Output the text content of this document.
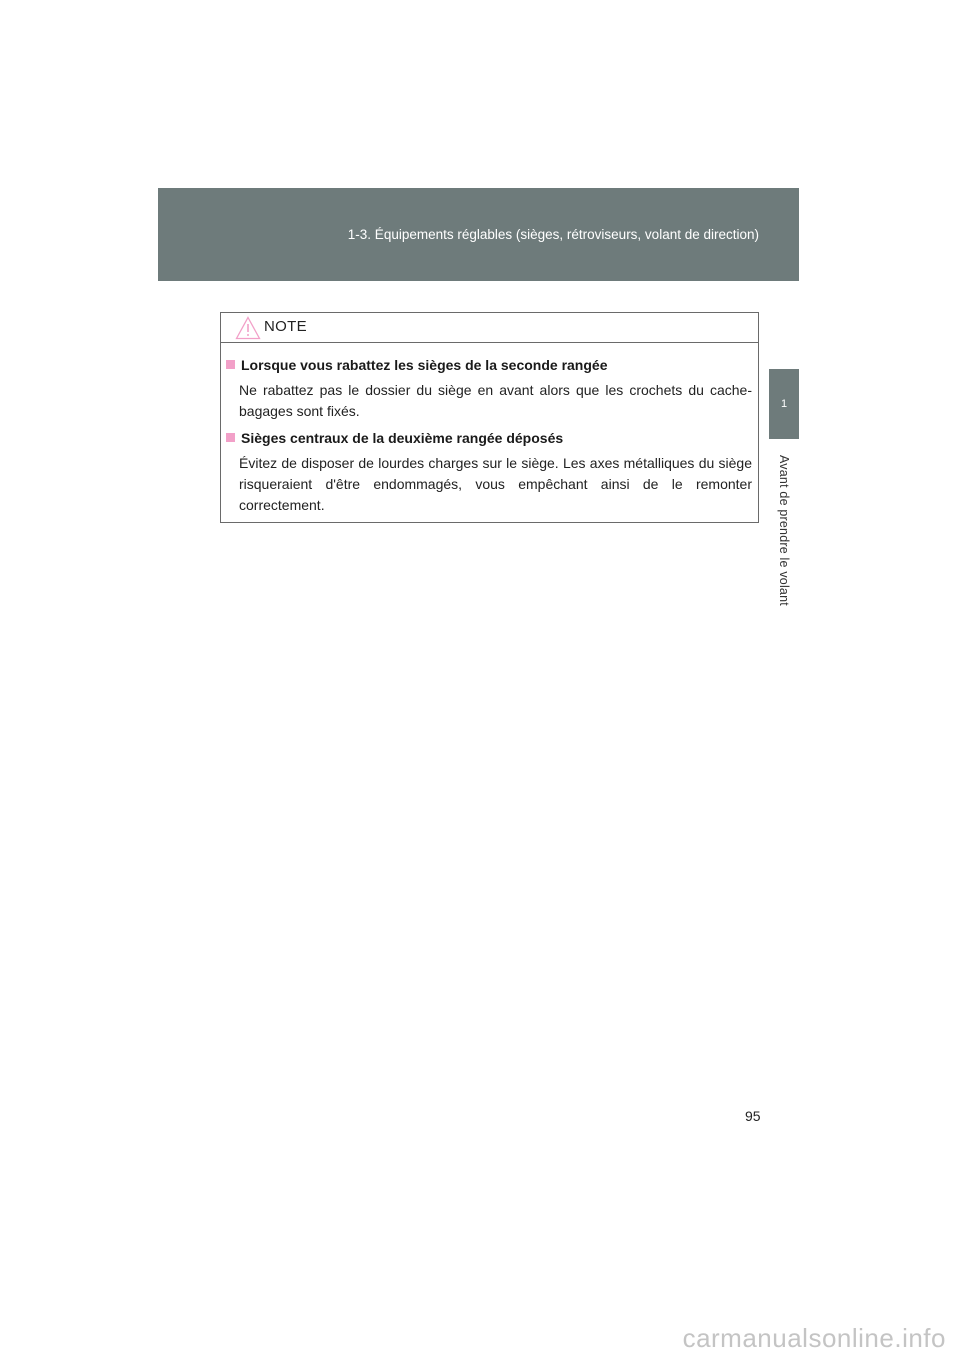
1-3. Équipements réglables (sièges, rétroviseurs, volant de direction)
1
Avant de prendre le volant
NOTE
Lorsque vous rabattez les sièges de la seconde rangée

Ne rabattez pas le dossier du siège en avant alors que les crochets du cache-bagages sont fixés.

Sièges centraux de la deuxième rangée déposés

Évitez de disposer de lourdes charges sur le siège. Les axes métalliques du siège risqueraient d'être endommagés, vous empêchant ainsi de le remonter correctement.

95
carmanualsonline.info
